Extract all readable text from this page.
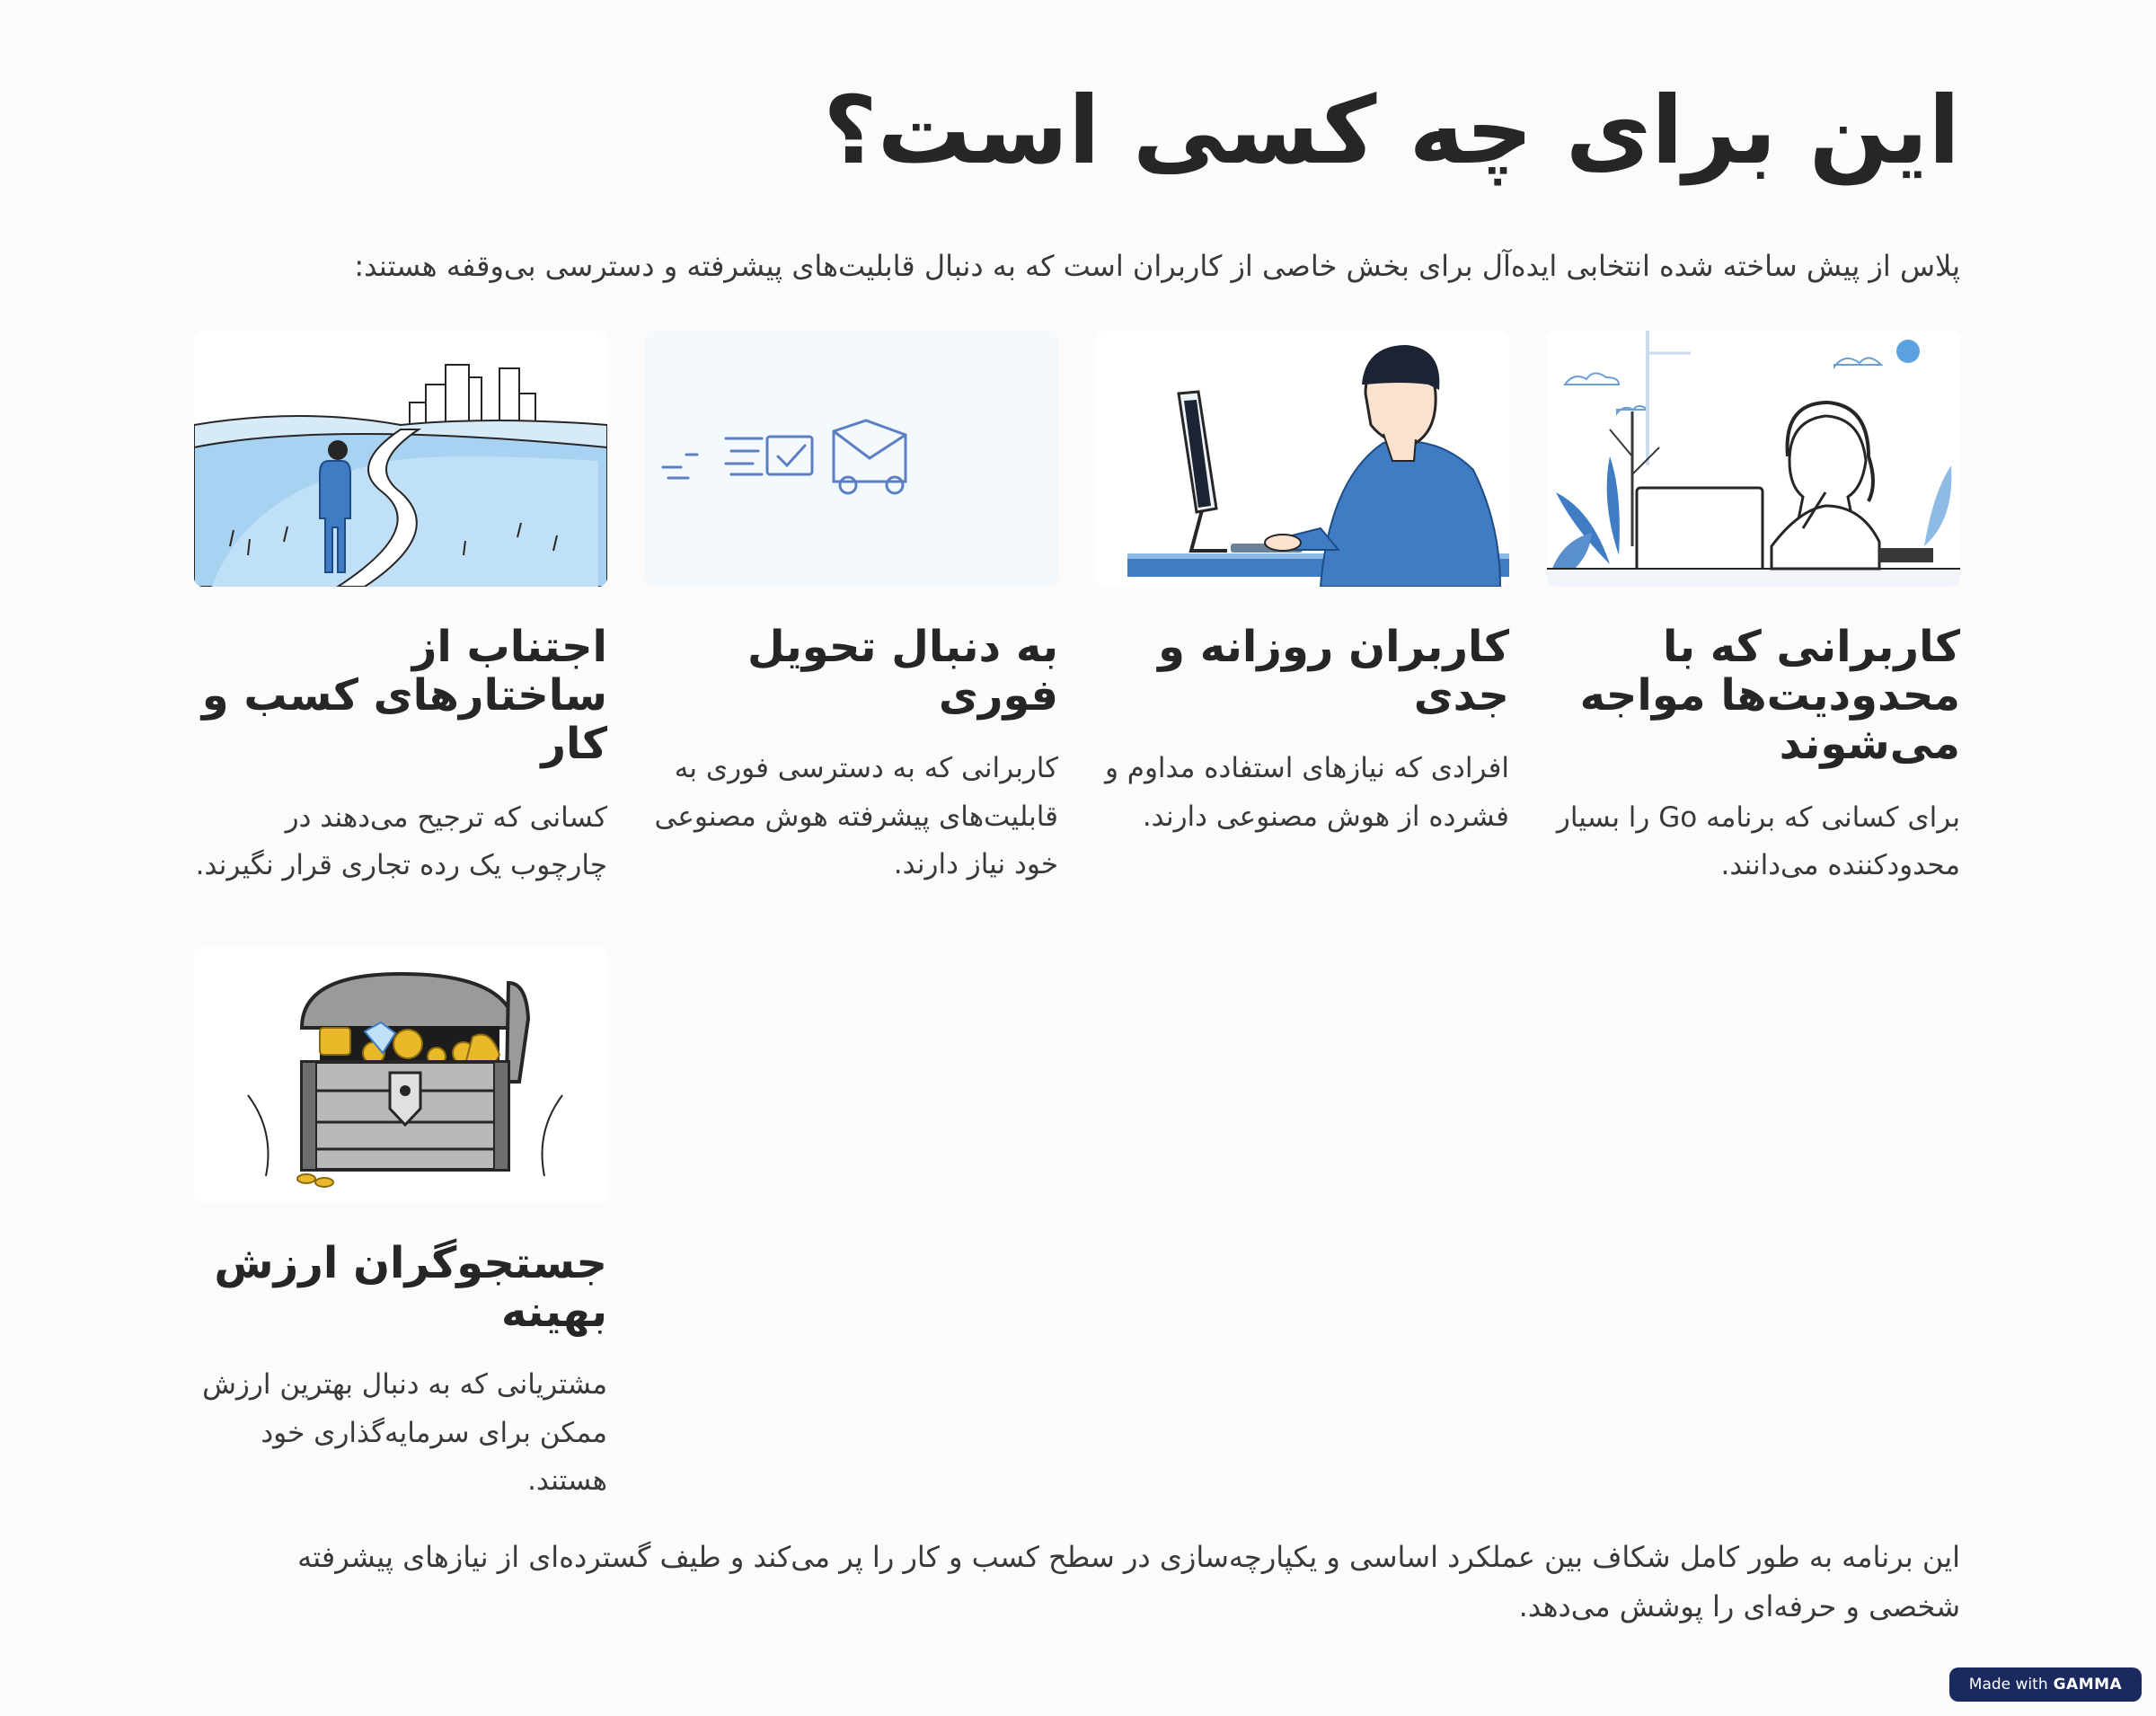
این برای چه کسی است؟

پلاس از پیش ساخته شده انتخابی ایده‌آل برای بخش خاصی از کاربران است که به دنبال قابلیت‌های پیشرفته و دسترسی بی‌وقفه هستند:

کاربرانی که با محدودیت‌ها مواجه می‌شوند

برای کسانی که برنامه Go را بسیار محدودکننده می‌دانند.

کاربران روزانه و جدی

افرادی که نیازهای استفاده مداوم و فشرده از هوش مصنوعی دارند.

به دنبال تحویل فوری

کاربرانی که به دسترسی فوری به قابلیت‌های پیشرفته هوش مصنوعی خود نیاز دارند.

اجتناب از ساختارهای کسب و کار

کسانی که ترجیح می‌دهند در چارچوب یک رده تجاری قرار نگیرند.

جستجوگران ارزش بهینه

مشتریانی که به دنبال بهترین ارزش ممکن برای سرمایه‌گذاری خود هستند.

این برنامه به طور کامل شکاف بین عملکرد اساسی و یکپارچه‌سازی در سطح کسب و کار را پر می‌کند و طیف گسترده‌ای از نیازهای پیشرفته شخصی و حرفه‌ای را پوشش می‌دهد.

Made with GAMMA
